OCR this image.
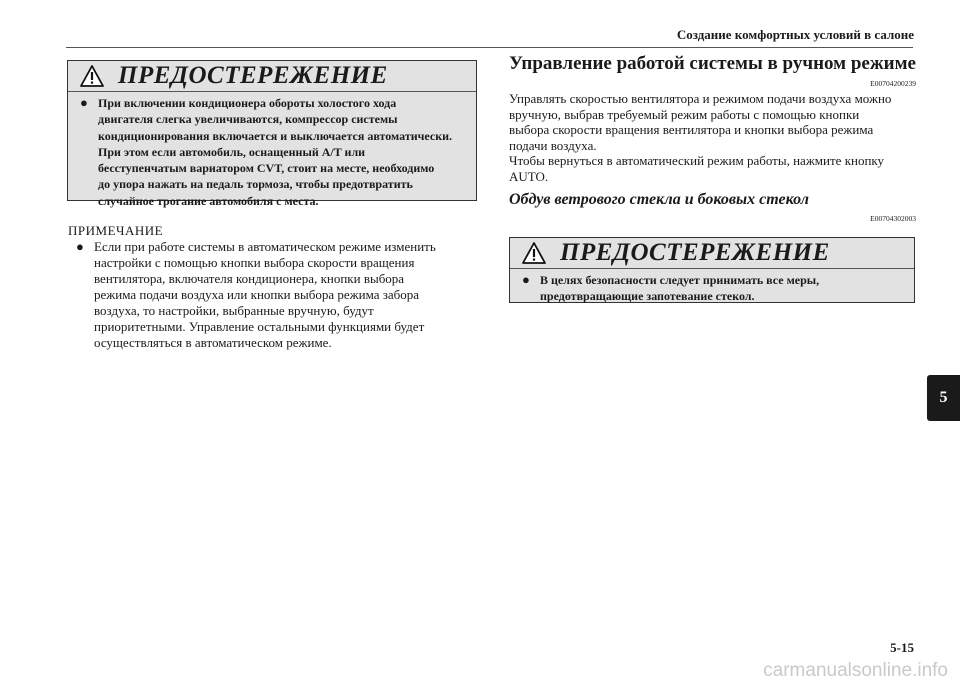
Создание комфортных условий в салоне
ПРЕДОСТЕРЕЖЕНИЕ
● При включении кондиционера обороты холостого хода
двигателя слегка увеличиваются, компрессор системы
кондиционирования включается и выключается автоматически.
При этом если автомобиль, оснащенный A/T или
бесступенчатым вариатором CVT, стоит на месте, необходимо
до упора нажать на педаль тормоза, чтобы предотвратить
случайное трогание автомобиля с места.
ПРИМЕЧАНИЕ
● Если при работе системы в автоматическом режиме изменить
настройки с помощью кнопки выбора скорости вращения
вентилятора, включателя кондиционера, кнопки выбора
режима подачи воздуха или кнопки выбора режима забора
воздуха, то настройки, выбранные вручную, будут
приоритетными. Управление остальными функциями будет
осуществляться в автоматическом режиме.
Управление работой системы в ручном режиме
E00704200239
Управлять скоростью вентилятора и режимом подачи воздуха можно
вручную, выбрав требуемый режим работы с помощью кнопки
выбора скорости вращения вентилятора и кнопки выбора режима
подачи воздуха.
Чтобы вернуться в автоматический режим работы, нажмите кнопку
AUTO.
Обдув ветрового стекла и боковых стекол
E00704302003
ПРЕДОСТЕРЕЖЕНИЕ
● В целях безопасности следует принимать все меры,
предотвращающие запотевание стекол.
5
5-15
carmanualsonline.info
